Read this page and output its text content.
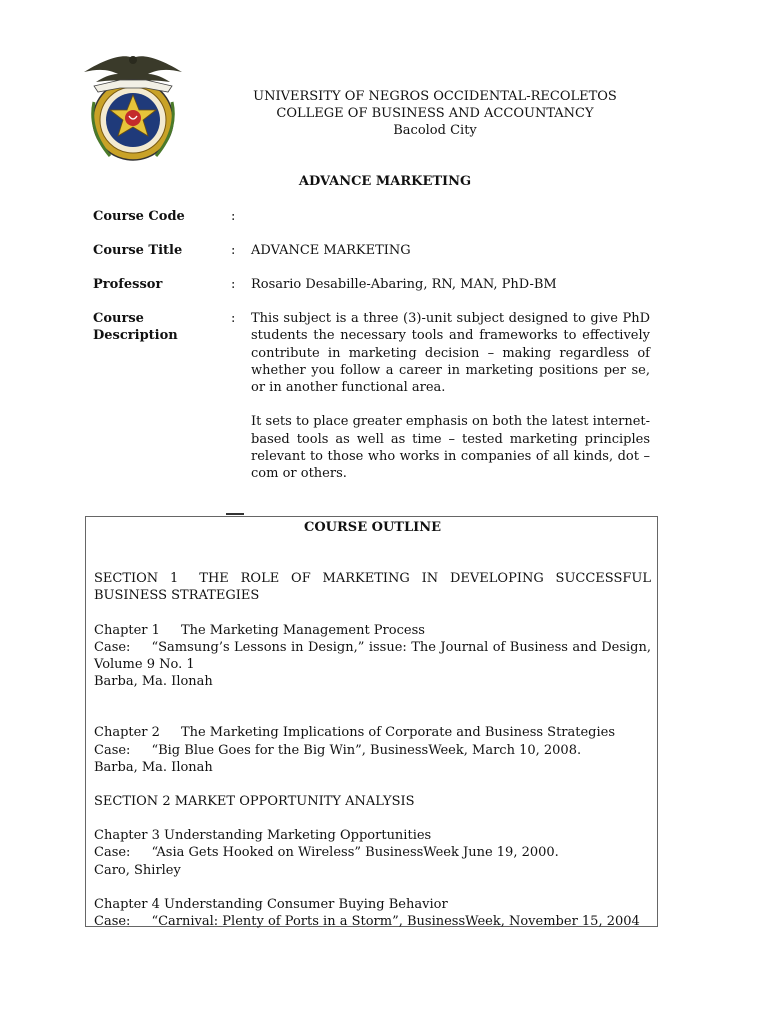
UNIVERSITY OF NEGROS OCCIDENTAL-RECOLETOS
COLLEGE OF BUSINESS AND ACCOUNTANCY
Bacolod City
ADVANCE MARKETING
Course Code	:
Course Title	: ADVANCE MARKETING
Professor	: Rosario Desabille-Abaring, RN, MAN, PhD-BM
Course
Description
: This subject is a three (3)-unit subject designed to give PhD students the necessary tools and frameworks to effectively contribute in marketing decision – making regardless of whether you follow a career in marketing positions per se, or in another functional area.

It sets to place greater emphasis on both the latest internet-based tools as well as time – tested marketing principles relevant to those who works in companies of all kinds, dot – com or others.

COURSE OUTLINE

SECTION 1 THE ROLE OF MARKETING IN DEVELOPING SUCCESSFUL BUSINESS STRATEGIES

Chapter 1 The Marketing Management Process

Case: “Samsung’s Lessons in Design,” issue: The Journal of Business and Design, Volume 9 No. 1

Barba, Ma. Ilonah

Chapter 2 The Marketing Implications of Corporate and Business Strategies

Case: “Big Blue Goes for the Big Win”, BusinessWeek, March 10, 2008.

Barba, Ma. Ilonah

SECTION 2 MARKET OPPORTUNITY ANALYSIS

Chapter 3 Understanding Marketing Opportunities

Case: “Asia Gets Hooked on Wireless” BusinessWeek June 19, 2000.

Caro, Shirley

Chapter 4 Understanding Consumer Buying Behavior

Case: “Carnival: Plenty of Ports in a Storm”, BusinessWeek, November 15, 2004
